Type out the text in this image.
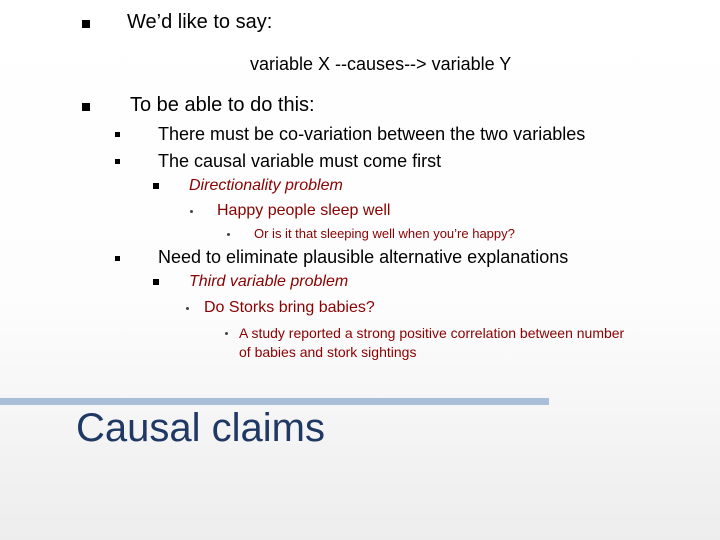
We’d like to say:
variable X --causes--> variable Y
To be able to do this:
There must be co-variation between the two variables
The causal variable must come first
Directionality problem
Happy people sleep well
Or is it that sleeping well when you’re happy?
Need to eliminate plausible alternative explanations
Third variable problem
Do Storks bring babies?
A study reported a strong positive correlation between number of babies and stork sightings
Causal claims
